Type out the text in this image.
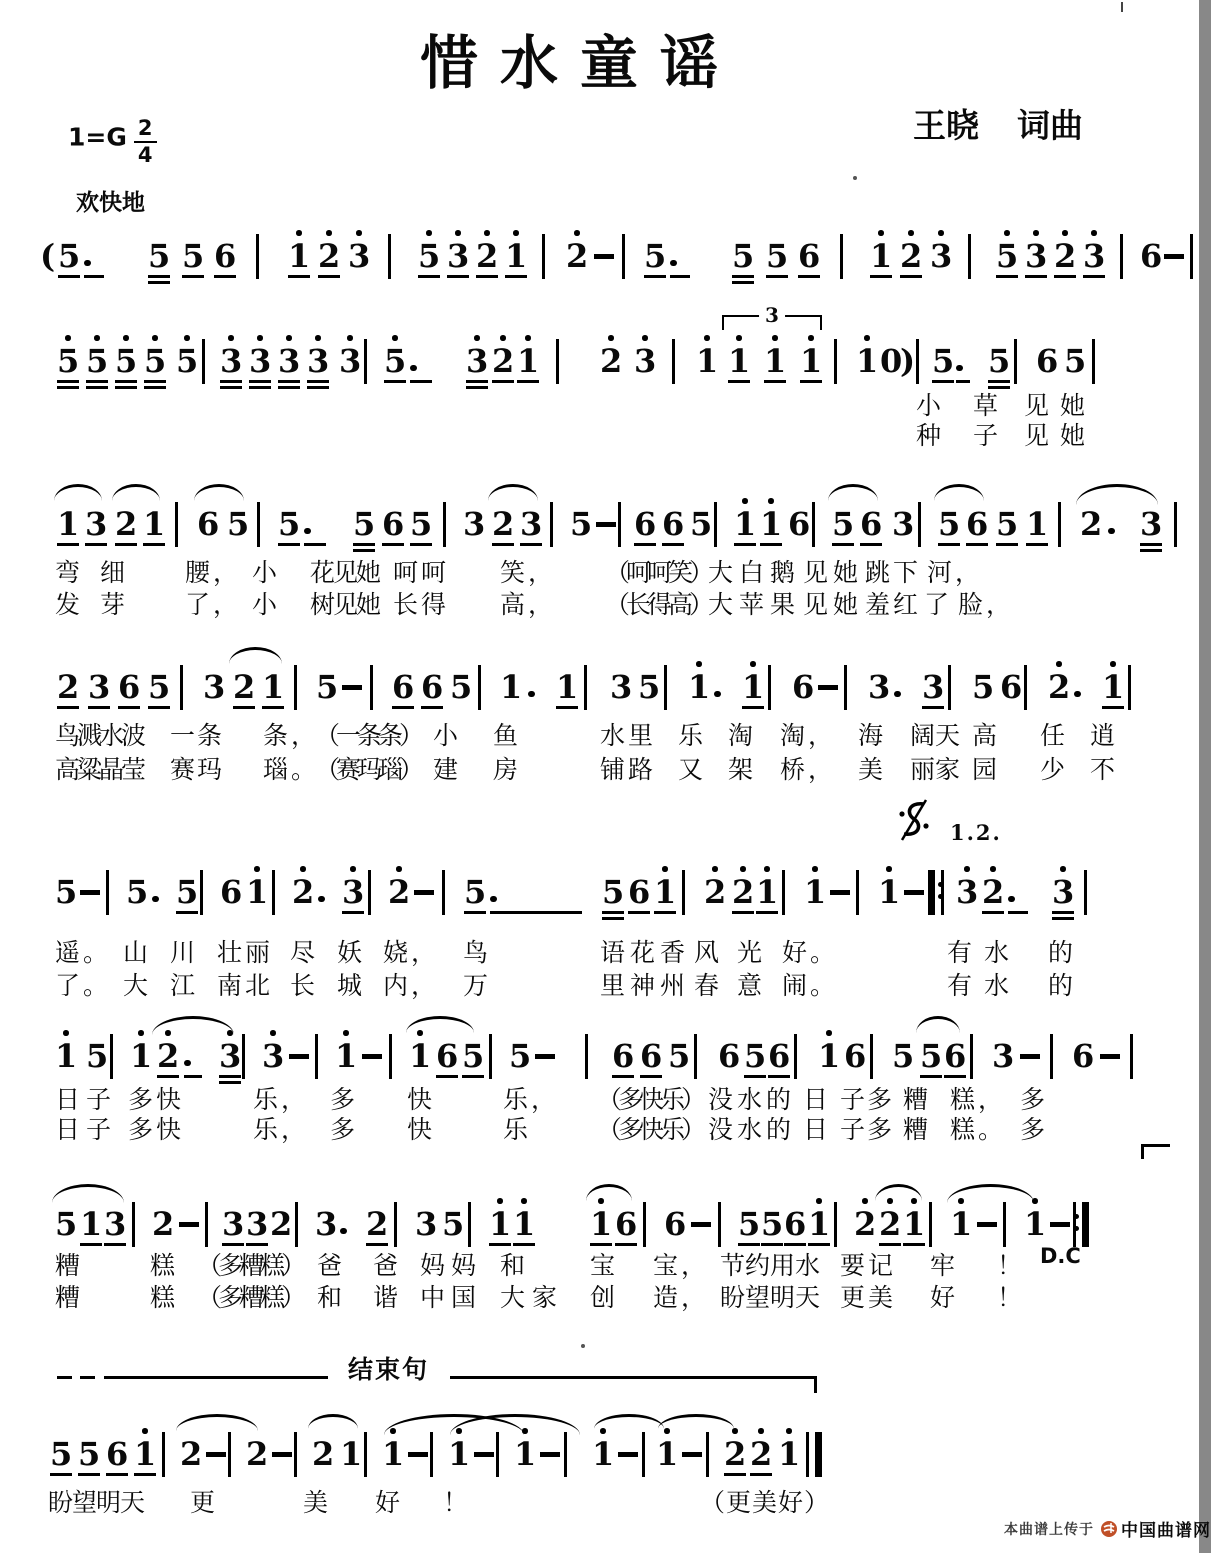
惜水童谣
王晓 词曲
$1=G \frac{2}{4}$
欢快地
( 5 5 5 6 1 2 3 5 3 2 1 2 5 5 5 6 1 2 3 5 3 2 3 6
5 5 5 5 5 3 3 3 3 3 5 3 2 1 2 3 1 1 1 1 1 0
) 5 5 6 5
3
小 草 见 她
种 子 见 她
1 3 2 1 6 5 5 5 6 5 3 2 3 5 6 6 5 1 1 6 5 6 3 5 6 5 1 2 3
弯 细 腰， 小 花见她 呵呵 笑， （呵呵笑）
大白鹅 见 她 跳 下 河，
发 芽 了， 小 树见她 长得 高， （长得高）
大苹果 见 她 羞 红了 脸，
2 3 6 5 3 2 1 5 6 6 5 1 1 3 5 1 1 6 3 3 5 6 2 1
鸟溅水波 一
条 条，
（一条条） 小 鱼	水里 乐 淘 淘， 海 阔
天 高 任 逍
高粱晶莹 赛
玛 瑙。
（赛玛瑙） 建 房	铺路 又 架 桥， 美 丽
家 园 少 不
5 5 5 6 1 2 3 2 5	5 6 1 2 2 1 1 1 3 2 3
遥。 山 川 壮丽 尽 妖 娆， 鸟	语花香 风 光 好。	有 水 的
了。 大 江 南北 长 城 内， 万	里神州 春 意 闹。	有 水 的
1 5 1 2 3 3 1 1 6 5 5	6 6 5 6 5 6 1 6 5 5 6 3 6
日子 多快	乐， 多 快	乐， （多快乐） 没水的 日 子
多 糟 糕， 多
日子 多快	乐， 多 快	乐	（多快乐） 没水的 日 子
多 糟 糕。 多
5 1 3 2 3 3 2 3 2 3 5 1 1 1 6 6 5 5 6 1 2 2 1 1 1
糟	糕 （多糟糕） 爸 爸 妈妈 和 宝 宝， 节约用水 要记 牢 ！
糟	糕 （多糟糕） 和 谐 中国 大家 创 造， 盼望明天 更美 好 ！
5 5 6 1 2 2 2 1 1 1 1 1 1 2 2 1
盼望明天 更	美 好 ！	（更美好）
1.2.
D.C
结束句
本曲谱上传于 中国曲谱网
